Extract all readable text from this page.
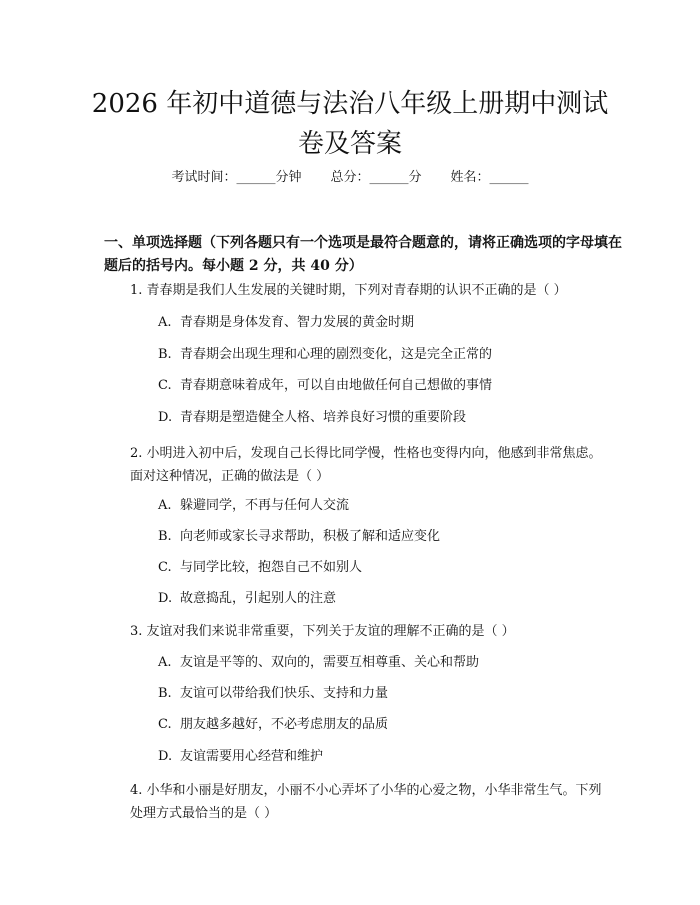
2026 年初中道德与法治八年级上册期中测试
卷及答案
考试时间：______分钟 总分：______分 姓名：______
一、单项选择题（下列各题只有一个选项是最符合题意的，请将正确选项的字母填在题后的括号内。每小题 2 分，共 40 分）
1. 青春期是我们人生发展的关键时期，下列对青春期的认识不正确的是（ ）
A. 青春期是身体发育、智力发展的黄金时期
B. 青春期会出现生理和心理的剧烈变化，这是完全正常的
C. 青春期意味着成年，可以自由地做任何自己想做的事情
D. 青春期是塑造健全人格、培养良好习惯的重要阶段
2. 小明进入初中后，发现自己长得比同学慢，性格也变得内向，他感到非常焦虑。面对这种情况，正确的做法是（ ）
A. 躲避同学，不再与任何人交流
B. 向老师或家长寻求帮助，积极了解和适应变化
C. 与同学比较，抱怨自己不如别人
D. 故意捣乱，引起别人的注意
3. 友谊对我们来说非常重要，下列关于友谊的理解不正确的是（ ）
A. 友谊是平等的、双向的，需要互相尊重、关心和帮助
B. 友谊可以带给我们快乐、支持和力量
C. 朋友越多越好，不必考虑朋友的品质
D. 友谊需要用心经营和维护
4. 小华和小丽是好朋友，小丽不小心弄坏了小华的心爱之物，小华非常生气。下列处理方式最恰当的是（ ）
